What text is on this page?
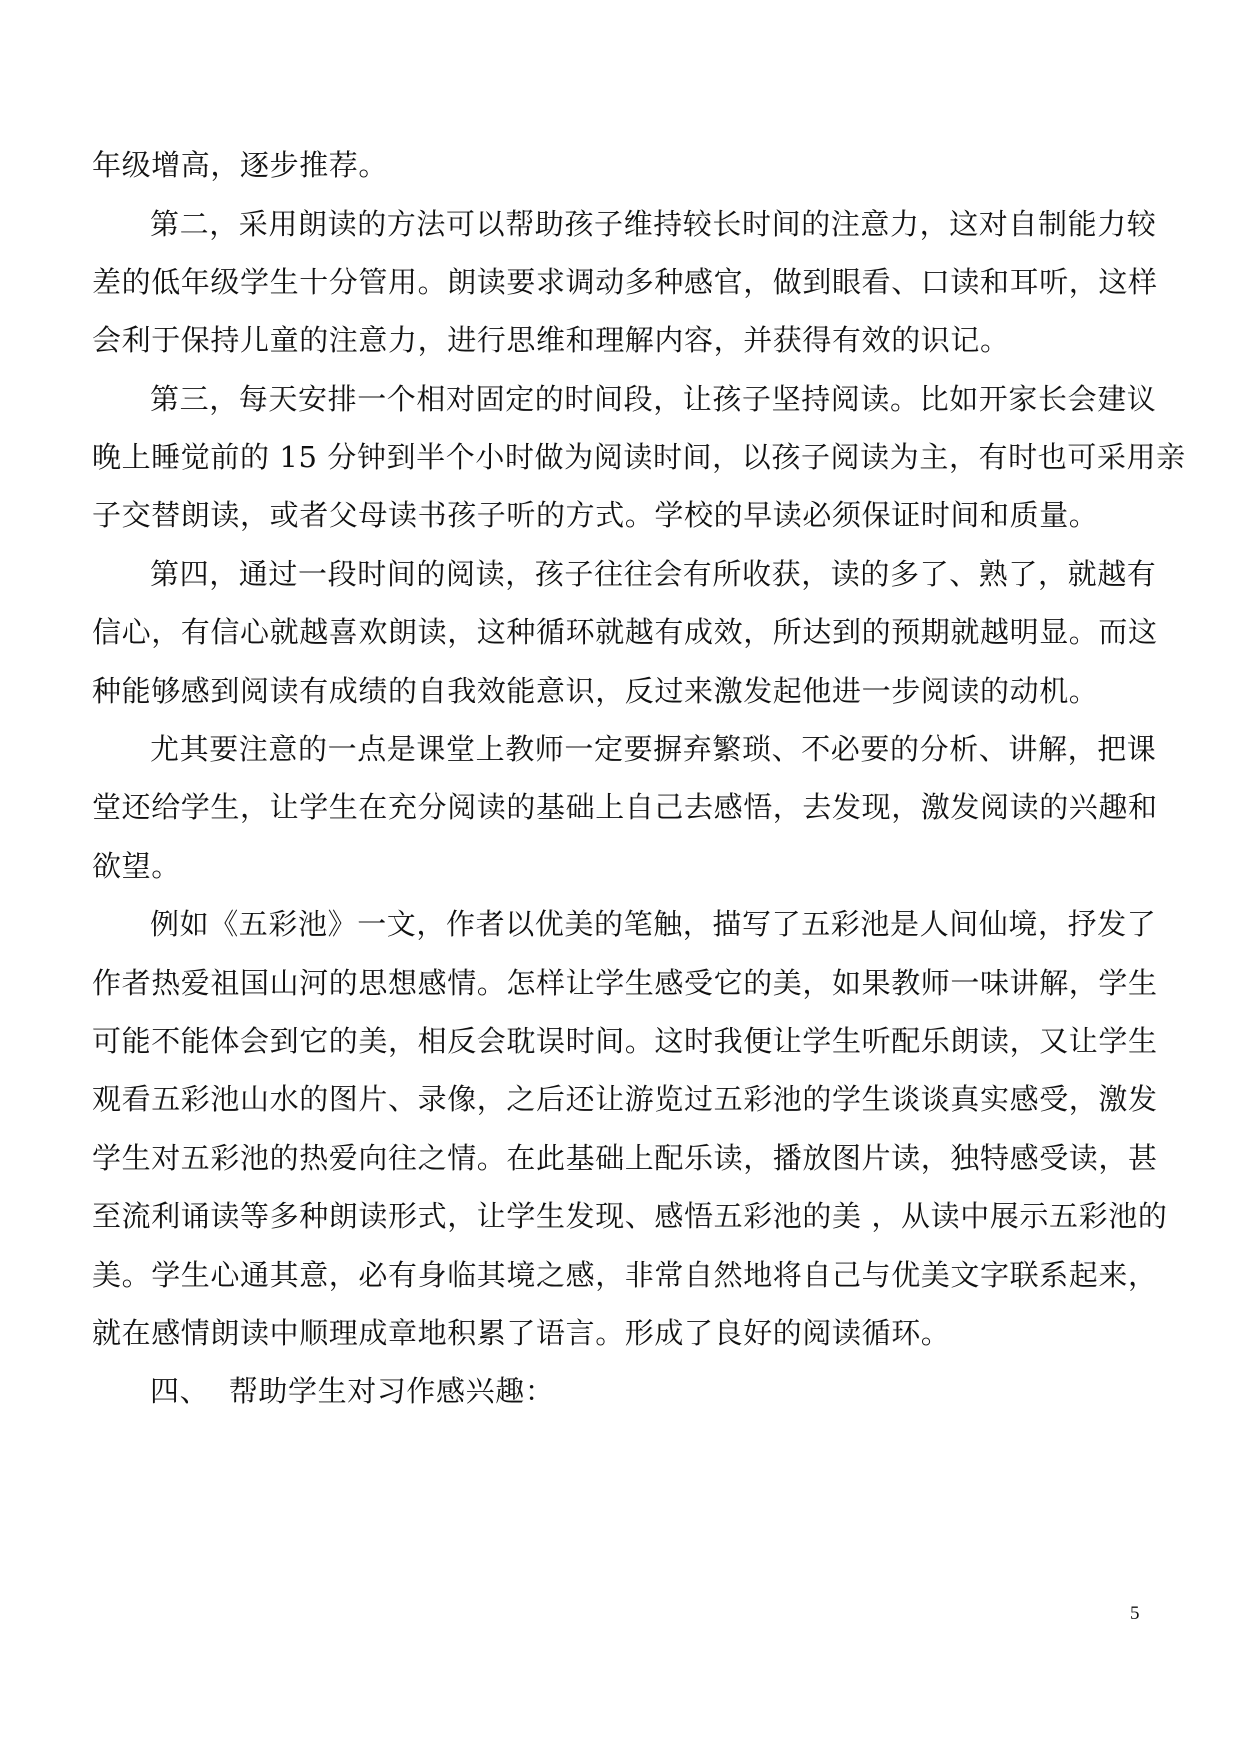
年级增高，逐步推荐。
第二，采用朗读的方法可以帮助孩子维持较长时间的注意力，这对自制能力较
差的低年级学生十分管用。朗读要求调动多种感官，做到眼看、口读和耳听，这样
会利于保持儿童的注意力，进行思维和理解内容，并获得有效的识记。
第三，每天安排一个相对固定的时间段，让孩子坚持阅读。比如开家长会建议
晚上睡觉前的 15 分钟到半个小时做为阅读时间，以孩子阅读为主，有时也可采用亲
子交替朗读，或者父母读书孩子听的方式。学校的早读必须保证时间和质量。
第四，通过一段时间的阅读，孩子往往会有所收获，读的多了、熟了，就越有
信心，有信心就越喜欢朗读，这种循环就越有成效，所达到的预期就越明显。而这
种能够感到阅读有成绩的自我效能意识，反过来激发起他进一步阅读的动机。
尤其要注意的一点是课堂上教师一定要摒弃繁琐、不必要的分析、讲解，把课
堂还给学生，让学生在充分阅读的基础上自己去感悟，去发现，激发阅读的兴趣和
欲望。
例如《五彩池》一文，作者以优美的笔触，描写了五彩池是人间仙境，抒发了
作者热爱祖国山河的思想感情。怎样让学生感受它的美，如果教师一味讲解，学生
可能不能体会到它的美，相反会耽误时间。这时我便让学生听配乐朗读，又让学生
观看五彩池山水的图片、录像，之后还让游览过五彩池的学生谈谈真实感受，激发
学生对五彩池的热爱向往之情。在此基础上配乐读，播放图片读，独特感受读，甚
至流利诵读等多种朗读形式，让学生发现、感悟五彩池的美 ，从读中展示五彩池的
美。学生心通其意，必有身临其境之感，非常自然地将自己与优美文字联系起来，
就在感情朗读中顺理成章地积累了语言。形成了良好的阅读循环。
四、  帮助学生对习作感兴趣：
5
